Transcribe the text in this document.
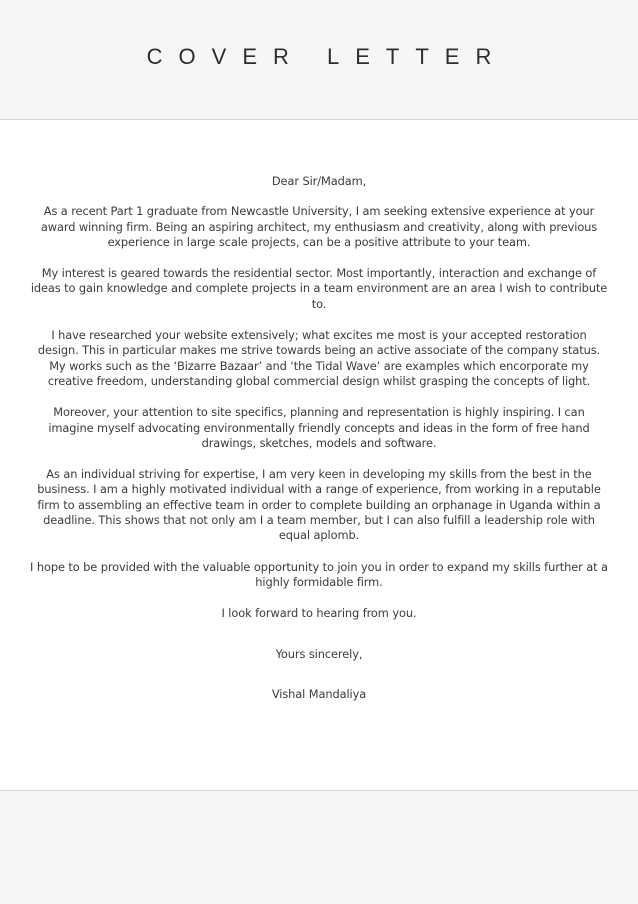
COVER LETTER

Dear Sir/Madam,

As a recent Part 1 graduate from Newcastle University, I am seeking extensive experience at your award winning firm. Being an aspiring architect, my enthusiasm and creativity, along with previous experience in large scale projects, can be a positive attribute to your team.

My interest is geared towards the residential sector. Most importantly, interaction and exchange of ideas to gain knowledge and complete projects in a team environment are an area I wish to contribute to.

I have researched your website extensively; what excites me most is your accepted restoration design. This in particular makes me strive towards being an active associate of the company status. My works such as the ‘Bizarre Bazaar’ and ‘the Tidal Wave’ are examples which encorporate my creative freedom, understanding global commercial design whilst grasping the concepts of light.

Moreover, your attention to site specifics, planning and representation is highly inspiring. I can imagine myself advocating environmentally friendly concepts and ideas in the form of free hand drawings, sketches, models and software.

As an individual striving for expertise, I am very keen in developing my skills from the best in the business. I am a highly motivated individual with a range of experience, from working in a reputable firm to assembling an effective team in order to complete building an orphanage in Uganda within a deadline. This shows that not only am I a team member, but I can also fulfill a leadership role with equal aplomb.

I hope to be provided with the valuable opportunity to join you in order to expand my skills further at a highly formidable firm.

I look forward to hearing from you.

Yours sincerely,

Vishal Mandaliya
